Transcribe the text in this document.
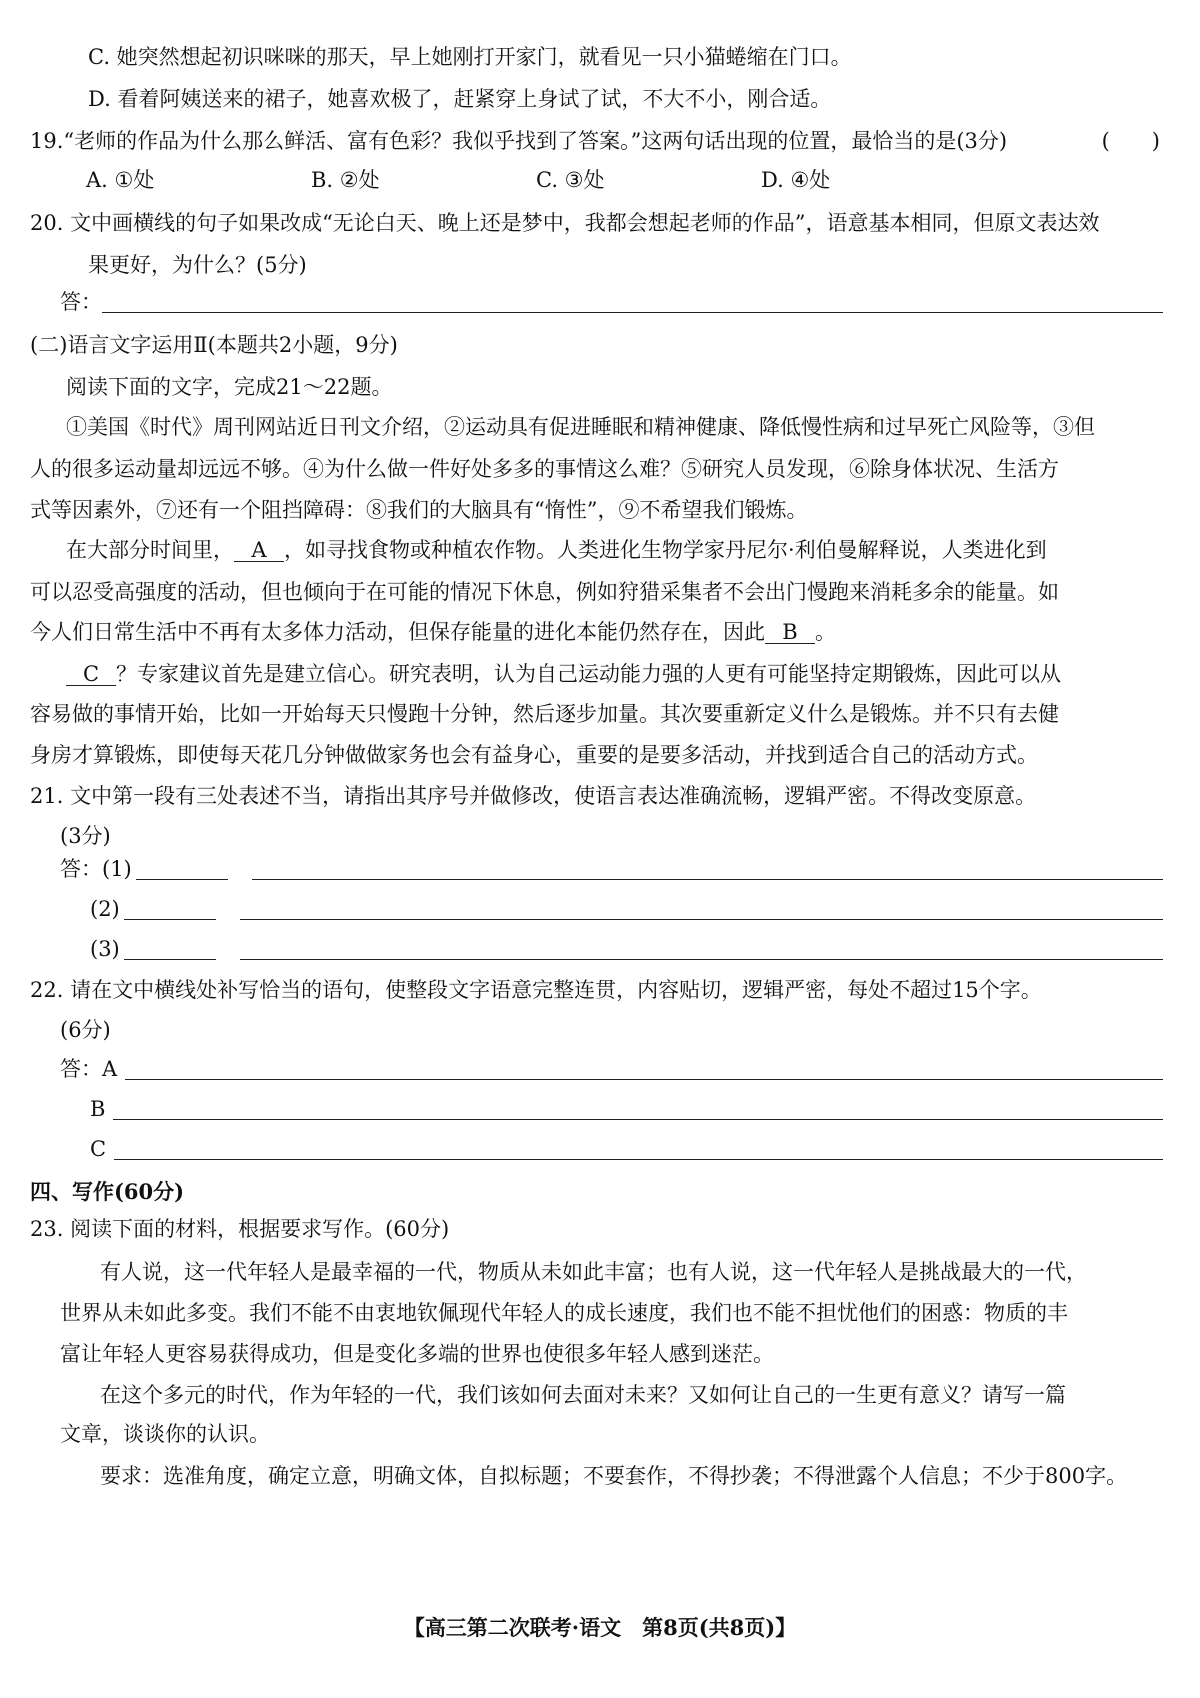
C. 她突然想起初识咪咪的那天，早上她刚打开家门，就看见一只小猫蜷缩在门口。
D. 看着阿姨送来的裙子，她喜欢极了，赶紧穿上身试了试，不大不小，刚合适。
19.“老师的作品为什么那么鲜活、富有色彩？我似乎找到了答案。”这两句话出现的位置，最恰当的是(3分)	(　　)
A. ①处	B. ②处	C. ③处	D. ④处
20. 文中画横线的句子如果改成“无论白天、晚上还是梦中，我都会想起老师的作品”，语意基本相同，但原文表达效
果更好，为什么？(5分)
答：
(二)语言文字运用Ⅱ(本题共2小题，9分)
阅读下面的文字，完成21～22题。
①美国《时代》周刊网站近日刊文介绍，②运动具有促进睡眠和精神健康、降低慢性病和过早死亡风险等，③但
人的很多运动量却远远不够。④为什么做一件好处多多的事情这么难？⑤研究人员发现，⑥除身体状况、生活方
式等因素外，⑦还有一个阻挡障碍：⑧我们的大脑具有“惰性”，⑨不希望我们锻炼。
在大部分时间里， A ，如寻找食物或种植农作物。人类进化生物学家丹尼尔·利伯曼解释说，人类进化到
可以忍受高强度的活动，但也倾向于在可能的情况下休息，例如狩猎采集者不会出门慢跑来消耗多余的能量。如
今人们日常生活中不再有太多体力活动，但保存能量的进化本能仍然存在，因此 B 。
C ？专家建议首先是建立信心。研究表明，认为自己运动能力强的人更有可能坚持定期锻炼，因此可以从
容易做的事情开始，比如一开始每天只慢跑十分钟，然后逐步加量。其次要重新定义什么是锻炼。并不只有去健
身房才算锻炼，即使每天花几分钟做做家务也会有益身心，重要的是要多活动，并找到适合自己的活动方式。
21. 文中第一段有三处表述不当，请指出其序号并做修改，使语言表达准确流畅，逻辑严密。不得改变原意。
(3分)
答：(1)
(2)
(3)
22. 请在文中横线处补写恰当的语句，使整段文字语意完整连贯，内容贴切，逻辑严密，每处不超过15个字。
(6分)
答：A
B
C
四、写作(60分)
23. 阅读下面的材料，根据要求写作。(60分)
有人说，这一代年轻人是最幸福的一代，物质从未如此丰富；也有人说，这一代年轻人是挑战最大的一代，
世界从未如此多变。我们不能不由衷地钦佩现代年轻人的成长速度，我们也不能不担忧他们的困惑：物质的丰
富让年轻人更容易获得成功，但是变化多端的世界也使很多年轻人感到迷茫。
在这个多元的时代，作为年轻的一代，我们该如何去面对未来？又如何让自己的一生更有意义？请写一篇
文章，谈谈你的认识。
要求：选准角度，确定立意，明确文体，自拟标题；不要套作，不得抄袭；不得泄露个人信息；不少于800字。
【高三第二次联考·语文　第8页(共8页)】
